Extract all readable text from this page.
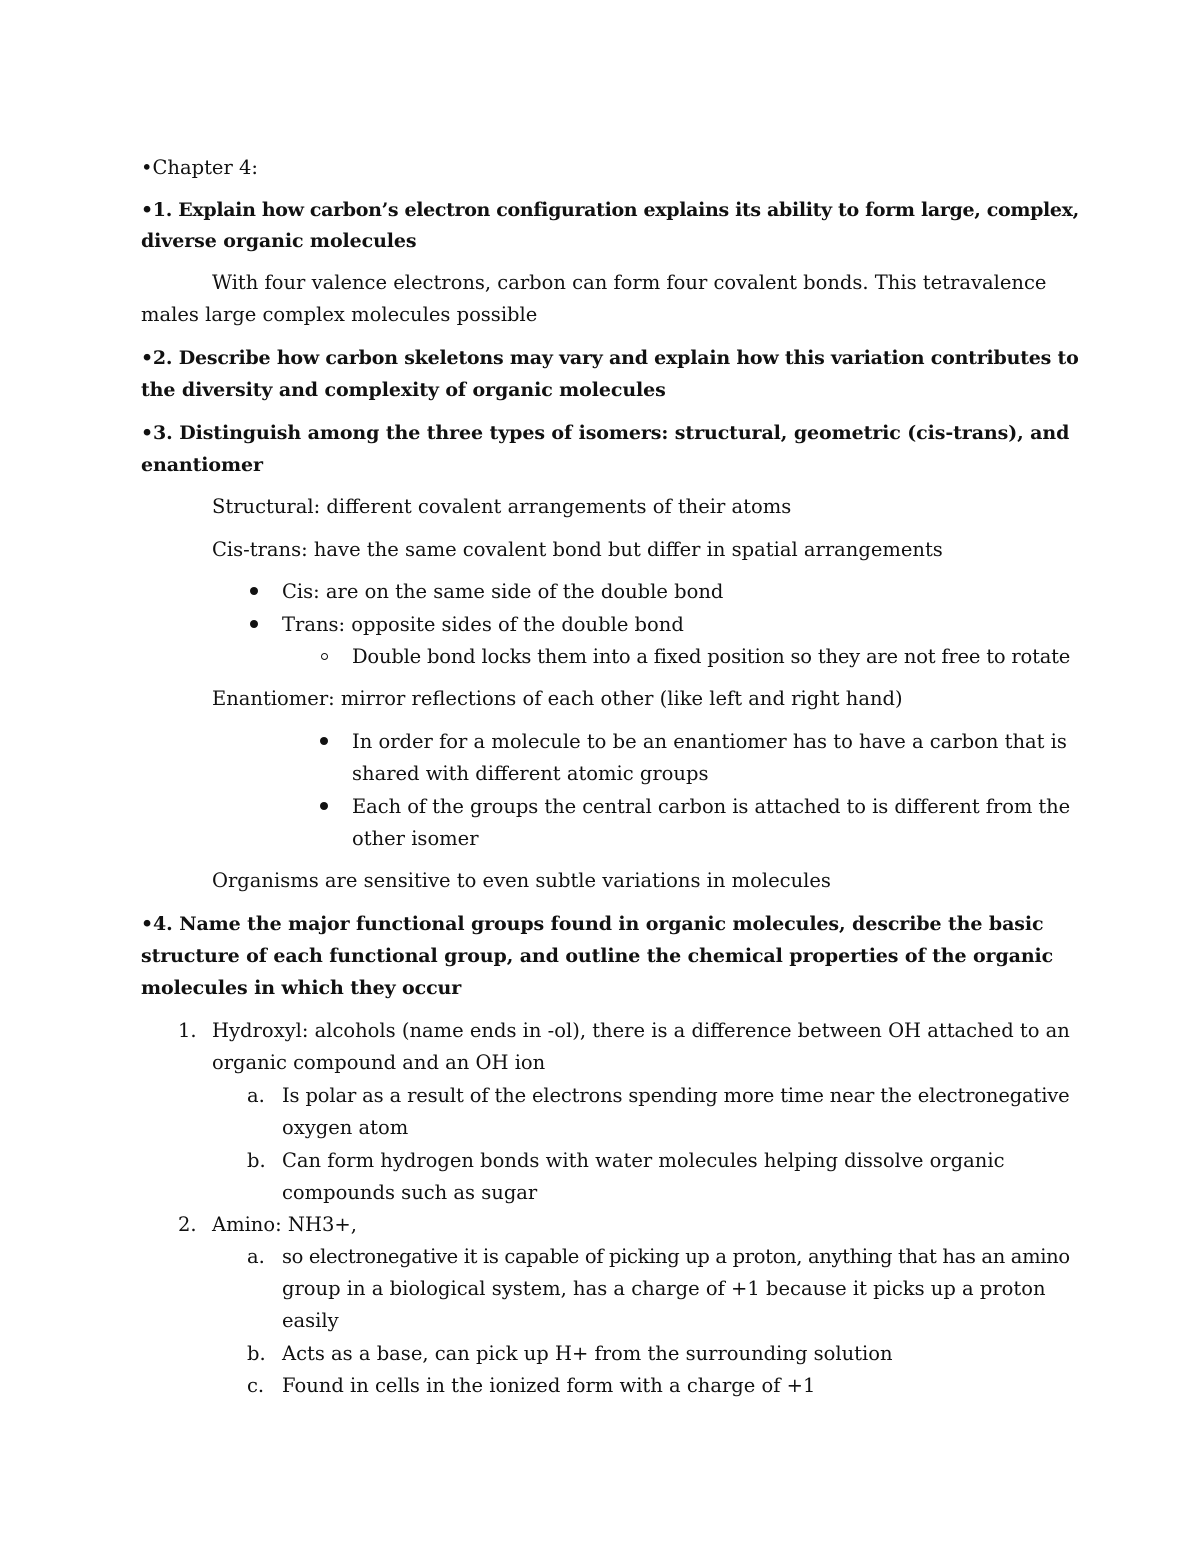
•Chapter 4:
•1. Explain how carbon’s electron configuration explains its ability to form large, complex,
diverse organic molecules
With four valence electrons, carbon can form four covalent bonds. This tetravalence
males large complex molecules possible
•2. Describe how carbon skeletons may vary and explain how this variation contributes to
the diversity and complexity of organic molecules
•3. Distinguish among the three types of isomers: structural, geometric (cis-trans), and
enantiomer
Structural: different covalent arrangements of their atoms
Cis-trans: have the same covalent bond but differ in spatial arrangements
Cis: are on the same side of the double bond
Trans: opposite sides of the double bond
Double bond locks them into a fixed position so they are not free to rotate
Enantiomer: mirror reflections of each other (like left and right hand)
In order for a molecule to be an enantiomer has to have a carbon that is
shared with different atomic groups
Each of the groups the central carbon is attached to is different from the
other isomer
Organisms are sensitive to even subtle variations in molecules
•4. Name the major functional groups found in organic molecules, describe the basic
structure of each functional group, and outline the chemical properties of the organic
molecules in which they occur
1. Hydroxyl: alcohols (name ends in -ol), there is a difference between OH attached to an
organic compound and an OH ion
a. Is polar as a result of the electrons spending more time near the electronegative
oxygen atom
b. Can form hydrogen bonds with water molecules helping dissolve organic
compounds such as sugar
2. Amino: NH3+,
a. so electronegative it is capable of picking up a proton, anything that has an amino
group in a biological system, has a charge of +1 because it picks up a proton
easily
b. Acts as a base, can pick up H+ from the surrounding solution
c. Found in cells in the ionized form with a charge of +1
